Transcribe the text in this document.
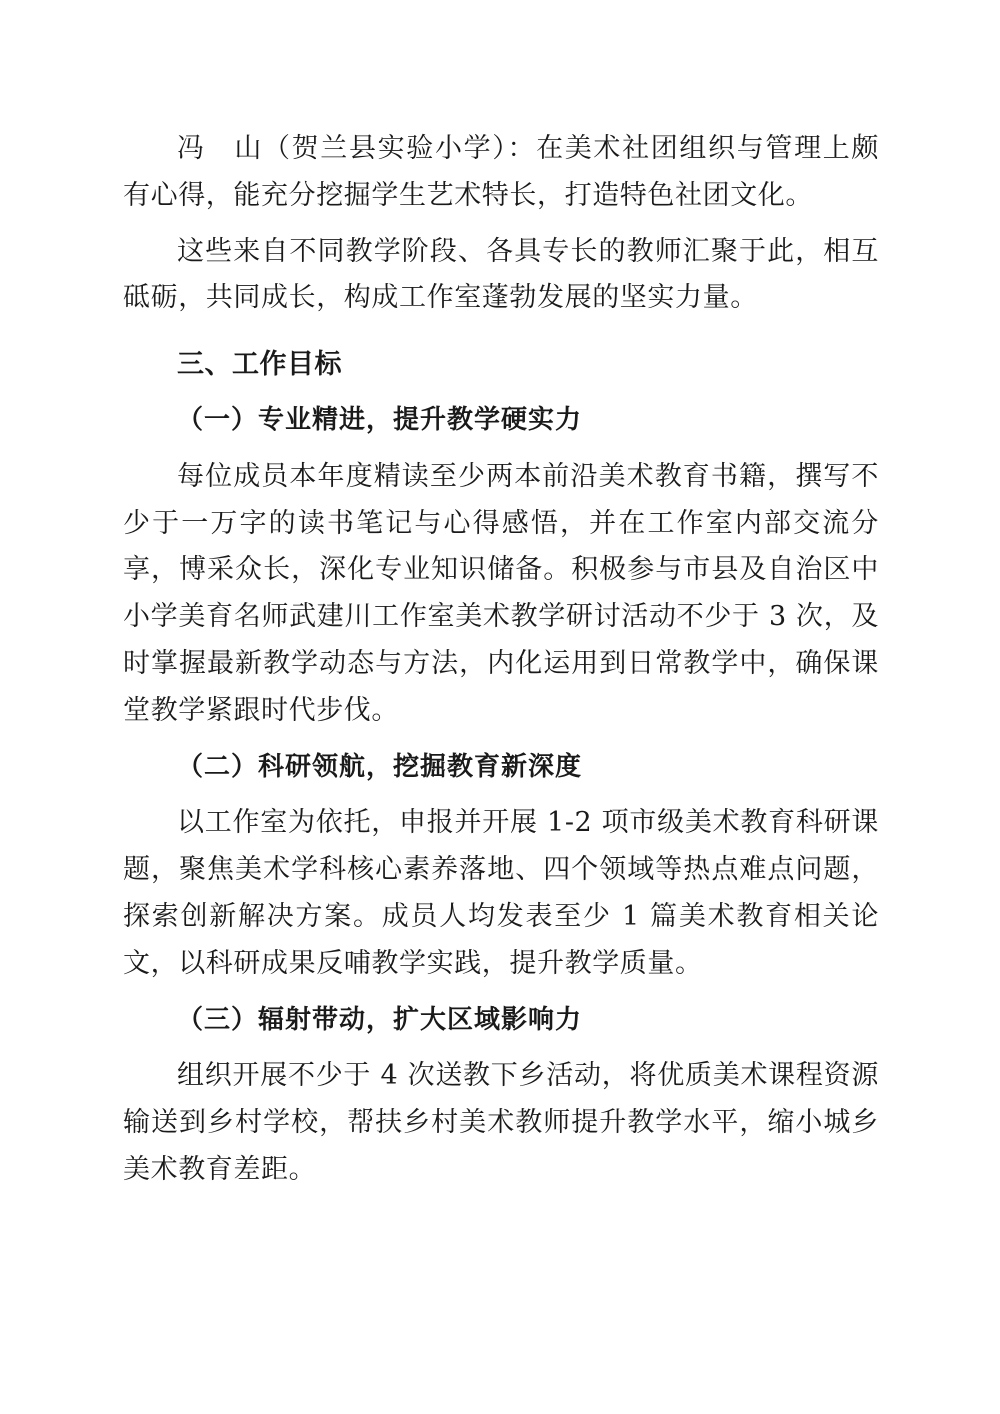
冯　山（贺兰县实验小学）：在美术社团组织与管理上颇有心得，能充分挖掘学生艺术特长，打造特色社团文化。

这些来自不同教学阶段、各具专长的教师汇聚于此，相互砥砺，共同成长，构成工作室蓬勃发展的坚实力量。

三、工作目标
（一）专业精进，提升教学硬实力

每位成员本年度精读至少两本前沿美术教育书籍，撰写不少于一万字的读书笔记与心得感悟，并在工作室内部交流分享，博采众长，深化专业知识储备。积极参与市县及自治区中小学美育名师武建川工作室美术教学研讨活动不少于 3 次，及时掌握最新教学动态与方法，内化运用到日常教学中，确保课堂教学紧跟时代步伐。

（二）科研领航，挖掘教育新深度

以工作室为依托，申报并开展 1-2 项市级美术教育科研课题，聚焦美术学科核心素养落地、四个领域等热点难点问题，探索创新解决方案。成员人均发表至少 1 篇美术教育相关论文，以科研成果反哺教学实践，提升教学质量。

（三）辐射带动，扩大区域影响力

组织开展不少于 4 次送教下乡活动，将优质美术课程资源输送到乡村学校，帮扶乡村美术教师提升教学水平，缩小城乡美术教育差距。
